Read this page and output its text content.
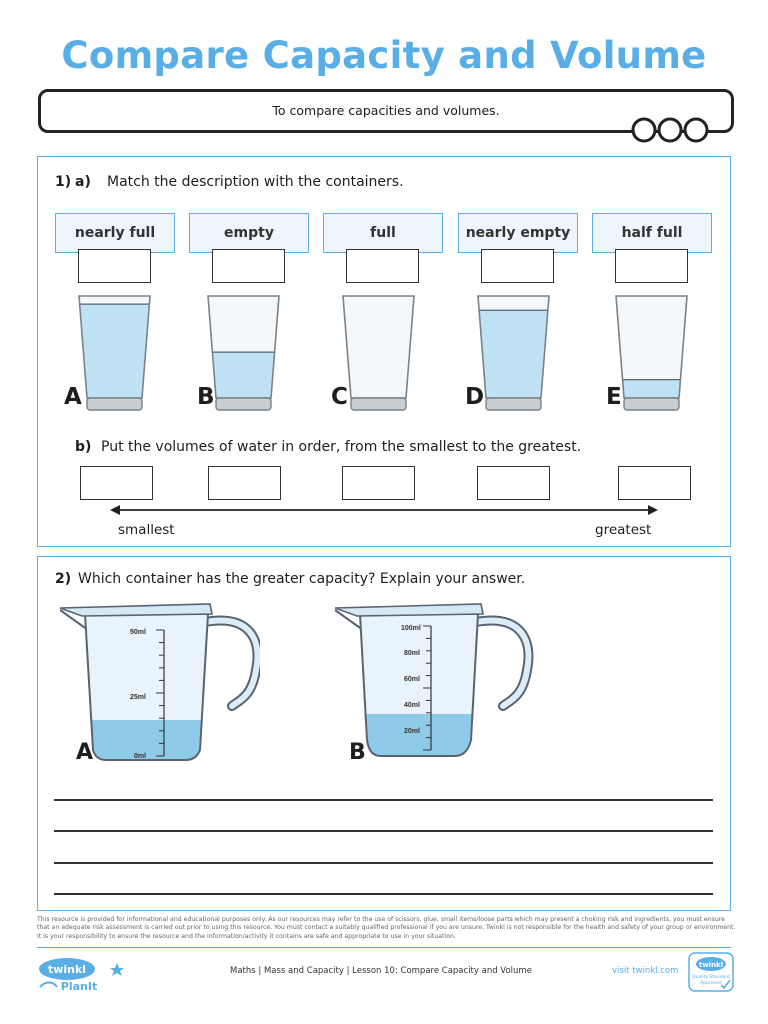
Compare Capacity and Volume
To compare capacities and volumes.
1) a) Match the description with the containers.
nearly full	empty	full	nearly empty	half full
A	B	C	D	E
b) Put the volumes of water in order, from the smallest to the greatest.
smallest	greatest
2) Which container has the greater capacity? Explain your answer.
50ml
25ml
0ml
A
100ml
80ml
60ml
40ml
20ml
B
This resource is provided for informational and educational purposes only. As our resources may refer to the use of scissors, glue, small items/loose parts which may present a choking risk and ingredients, you must ensure that an adequate risk assessment is carried out prior to using this resource. You must contact a suitably qualified professional if you are unsure. Twinkl is not responsible for the health and safety of your group or environment. It is your responsibility to ensure the resource and the information/activity it contains are safe and appropriate to use in your situation.
twinkl
PlanIt
Maths | Mass and Capacity | Lesson 10: Compare Capacity and Volume	visit twinkl.com
twinkl
Quality Standard
Approved
